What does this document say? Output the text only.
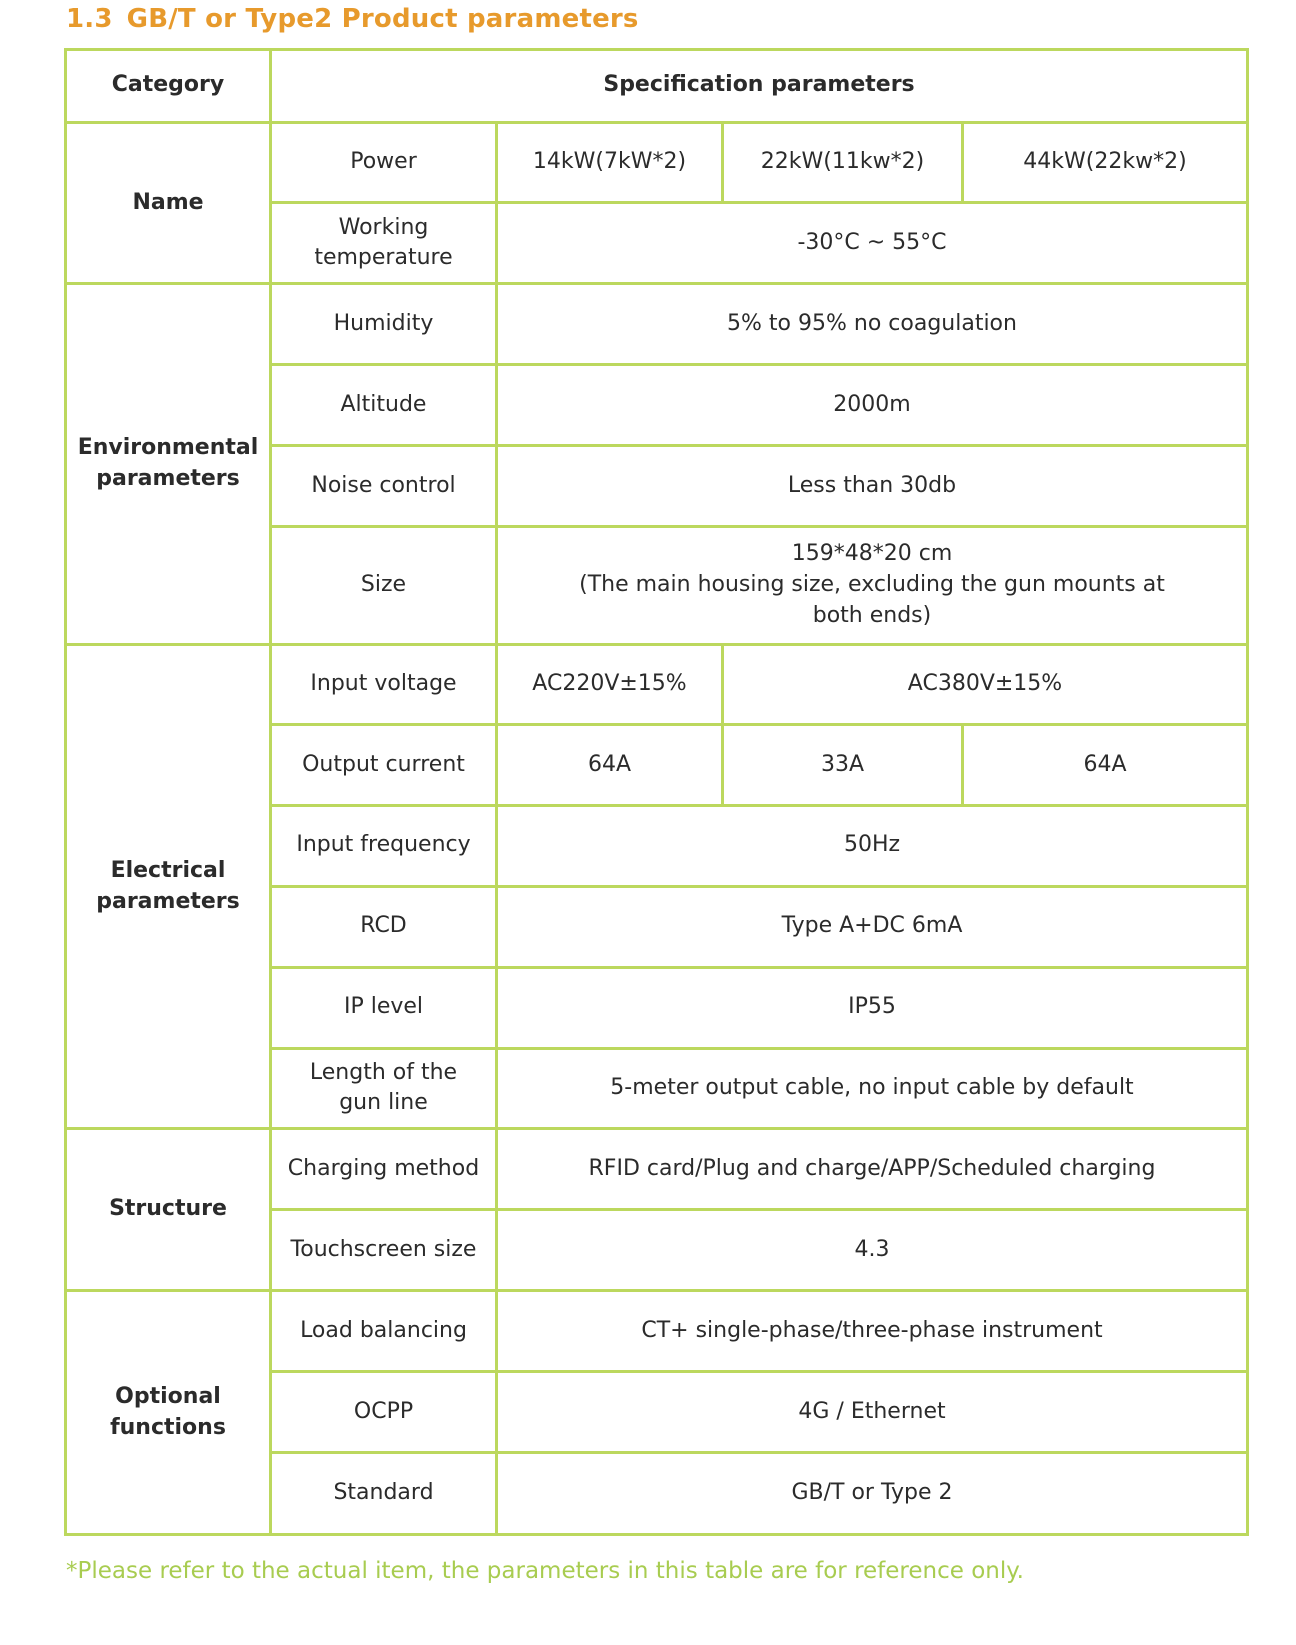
1.3 GB/T or Type2 Product parameters
Category	Specification parameters			
Name	Power	14kW(7kW*2)	22kW(11kw*2)	44kW(22kw*2)
	Working temperature	-30°C ~ 55°C		
Environmental parameters	Humidity	5% to 95% no coagulation		
	Altitude	2000m		
	Noise control	Less than 30db		
	Size	159*48*20 cm
(The main housing size, excluding the gun mounts at both ends)		

Electrical parameters	Input voltage	AC220V±15%	AC380V±15%	
	Output current	64A	33A	64A
	Input frequency	50Hz		
	RCD	Type A+DC 6mA		
	IP level	IP55		
	Length of the gun line	5-meter output cable, no input cable by default		
Structure	Charging method	RFID card/Plug and charge/APP/Scheduled charging		
	Touchscreen size	4.3		
Optional functions	Load balancing	CT+ single-phase/three-phase instrument		
	OCPP	4G / Ethernet		
	Standard	GB/T or Type 2		
*Please refer to the actual item, the parameters in this table are for reference only.
